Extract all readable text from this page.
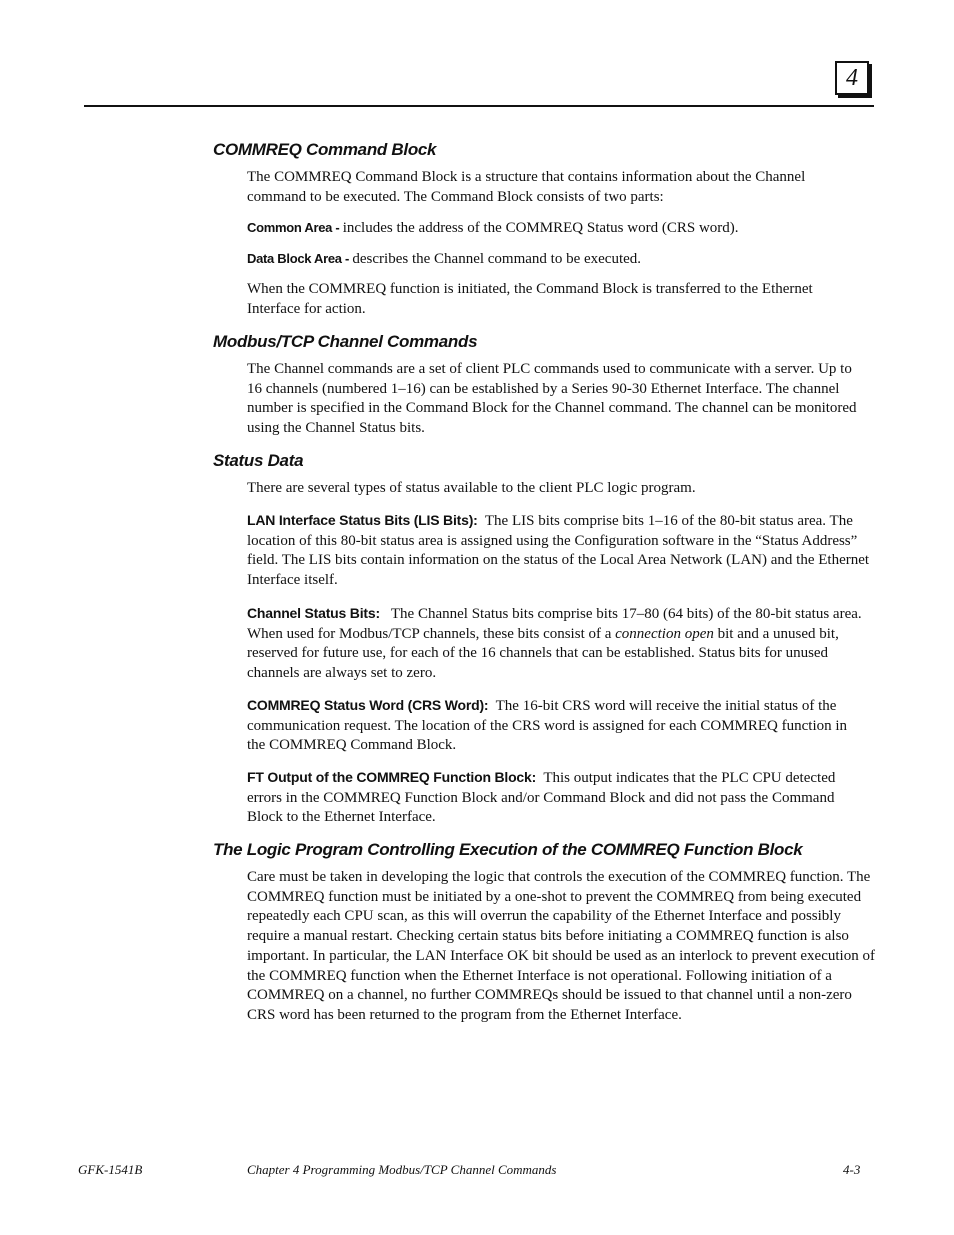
4
COMMREQ Command Block

The COMMREQ Command Block is a structure that contains information about the Channel command to be executed. The Command Block consists of two parts:

Common Area - includes the address of the COMMREQ Status word (CRS word).

Data Block Area - describes the Channel command to be executed.

When the COMMREQ function is initiated, the Command Block is transferred to the Ethernet Interface for action.

Modbus/TCP Channel Commands

The Channel commands are a set of client PLC commands used to communicate with a server. Up to 16 channels (numbered 1–16) can be established by a Series 90-30 Ethernet Interface. The channel number is specified in the Command Block for the Channel command. The channel can be monitored using the Channel Status bits.

Status Data

There are several types of status available to the client PLC logic program.

LAN Interface Status Bits (LIS Bits): The LIS bits comprise bits 1–16 of the 80-bit status area. The location of this 80-bit status area is assigned using the Configuration software in the “Status Address” field. The LIS bits contain information on the status of the Local Area Network (LAN) and the Ethernet Interface itself.

Channel Status Bits: The Channel Status bits comprise bits 17–80 (64 bits) of the 80-bit status area. When used for Modbus/TCP channels, these bits consist of a connection open bit and a unused bit, reserved for future use, for each of the 16 channels that can be established. Status bits for unused channels are always set to zero.

COMMREQ Status Word (CRS Word): The 16-bit CRS word will receive the initial status of the communication request. The location of the CRS word is assigned for each COMMREQ function in the COMMREQ Command Block.

FT Output of the COMMREQ Function Block: This output indicates that the PLC CPU detected errors in the COMMREQ Function Block and/or Command Block and did not pass the Command Block to the Ethernet Interface.

The Logic Program Controlling Execution of the COMMREQ Function Block

Care must be taken in developing the logic that controls the execution of the COMMREQ function. The COMMREQ function must be initiated by a one-shot to prevent the COMMREQ from being executed repeatedly each CPU scan, as this will overrun the capability of the Ethernet Interface and possibly require a manual restart. Checking certain status bits before initiating a COMMREQ function is also important. In particular, the LAN Interface OK bit should be used as an interlock to prevent execution of the COMMREQ function when the Ethernet Interface is not operational. Following initiation of a COMMREQ on a channel, no further COMMREQs should be issued to that channel until a non-zero CRS word has been returned to the program from the Ethernet Interface.

GFK-1541B	Chapter 4 Programming Modbus/TCP Channel Commands	4-3
